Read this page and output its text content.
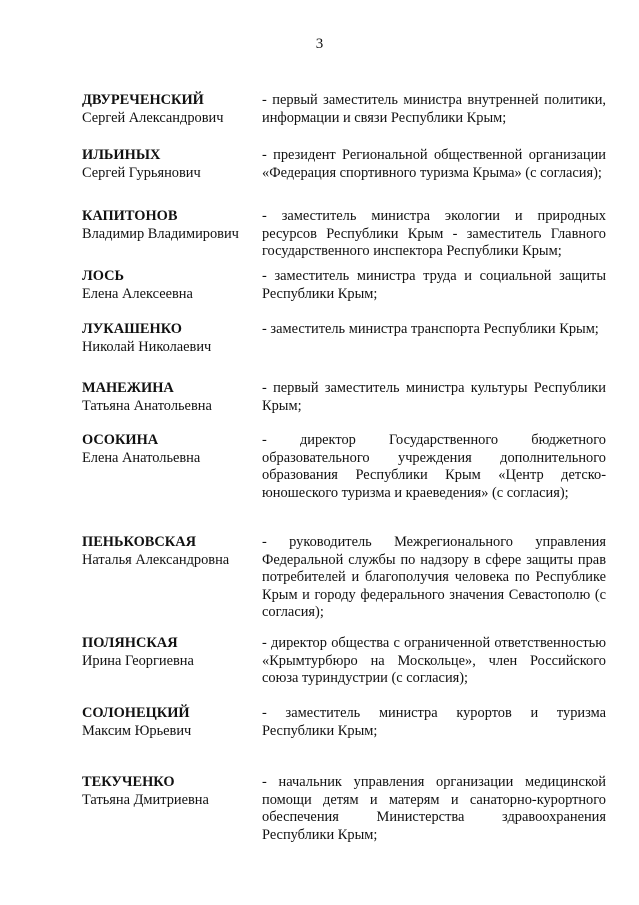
3
ДВУРЕЧЕНСКИЙ
Сергей Александрович
- первый заместитель министра внутренней политики, информации и связи Республики Крым;
ИЛЬИНЫХ
Сергей Гурьянович
- президент Региональной общественной организации «Федерация спортивного туризма Крыма» (с согласия);
КАПИТОНОВ
Владимир Владимирович
- заместитель министра экологии и природных ресурсов Республики Крым - заместитель Главного государственного инспектора Республики Крым;
ЛОСЬ
Елена Алексеевна
- заместитель министра труда и социальной защиты Республики Крым;
ЛУКАШЕНКО
Николай Николаевич
- заместитель министра транспорта Республики Крым;
МАНЕЖИНА
Татьяна Анатольевна
- первый заместитель министра культуры Республики Крым;
ОСОКИНА
Елена Анатольевна
- директор Государственного бюджетного образовательного учреждения дополнительного образования Республики Крым «Центр детско-юношеского туризма и краеведения» (с согласия);
ПЕНЬКОВСКАЯ
Наталья Александровна
- руководитель Межрегионального управления Федеральной службы по надзору в сфере защиты прав потребителей и благополучия человека по Республике Крым и городу федерального значения Севастополю (с согласия);
ПОЛЯНСКАЯ
Ирина Георгиевна
- директор общества с ограниченной ответственностью «Крымтурбюро на Москольце», член Российского союза туриндустрии (с согласия);
СОЛОНЕЦКИЙ
Максим Юрьевич
- заместитель министра курортов и туризма Республики Крым;
ТЕКУЧЕНКО
Татьяна Дмитриевна
- начальник управления организации медицинской помощи детям и матерям и санаторно-курортного обеспечения Министерства здравоохранения Республики Крым;
